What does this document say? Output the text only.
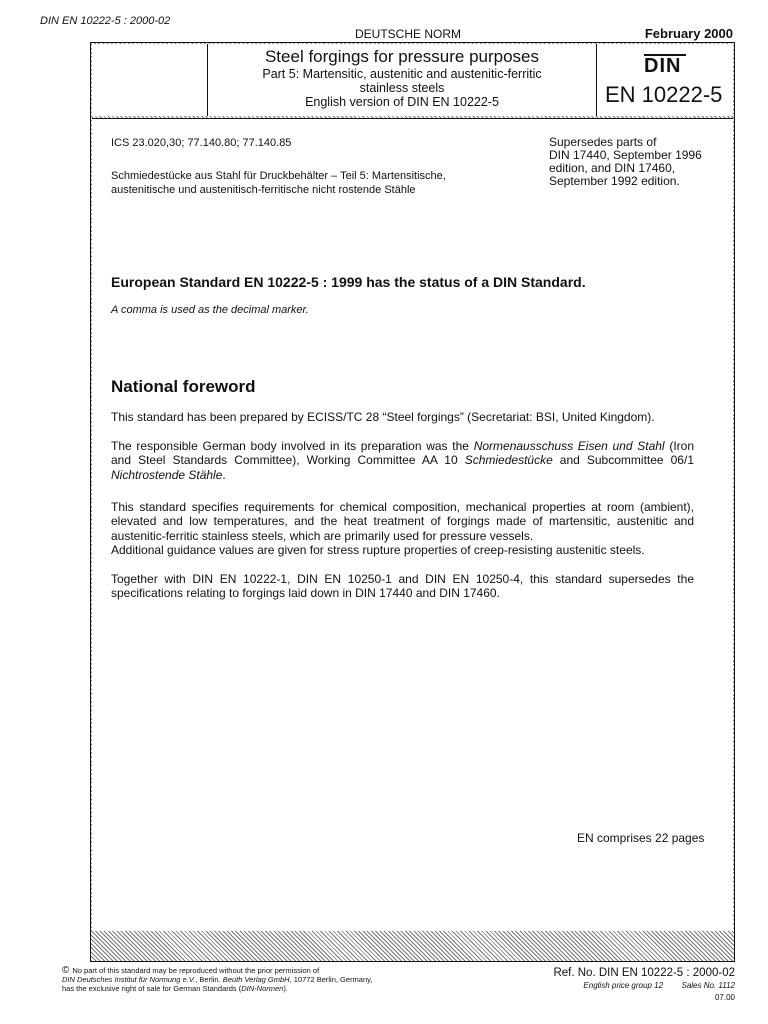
DIN EN 10222-5 : 2000-02
DEUTSCHE NORM	February 2000
Steel forgings for pressure purposes
Part 5: Martensitic, austenitic and austenitic-ferritic
stainless steels
English version of DIN EN 10222-5
DIN
EN 10222-5
ICS 23.020,30; 77.140.80; 77.140.85
Schmiedestücke aus Stahl für Druckbehälter – Teil 5: Martensitische,
austenitische und austenitisch-ferritische nicht rostende Stähle
Supersedes parts of
DIN 17440, September 1996
edition, and DIN 17460,
September 1992 edition.
European Standard EN 10222-5 : 1999 has the status of a DIN Standard.
A comma is used as the decimal marker.
National foreword
This standard has been prepared by ECISS/TC 28 “Steel forgings” (Secretariat: BSI, United Kingdom).
The responsible German body involved in its preparation was the Normenausschuss Eisen und Stahl (Iron and Steel Standards Committee), Working Committee AA 10 Schmiedestücke and Subcommittee 06/1 Nichtrostende Stähle.
This standard specifies requirements for chemical composition, mechanical properties at room (ambient), elevated and low temperatures, and the heat treatment of forgings made of martensitic, austenitic and austenitic-ferritic stainless steels, which are primarily used for pressure vessels.
Additional guidance values are given for stress rupture properties of creep-resisting austenitic steels.
Together with DIN EN 10222-1, DIN EN 10250-1 and DIN EN 10250-4, this standard supersedes the
specifications relating to forgings laid down in DIN 17440 and DIN 17460.
EN comprises 22 pages
© No part of this standard may be reproduced without the prior permission of
DIN Deutsches Institut für Normung e.V., Berlin. Beuth Verlag GmbH, 10772 Berlin, Germany,
has the exclusive right of sale for German Standards (DIN-Normen).
Ref. No. DIN EN 10222-5 : 2000-02
English price group 12 Sales No. 1112
07.00
